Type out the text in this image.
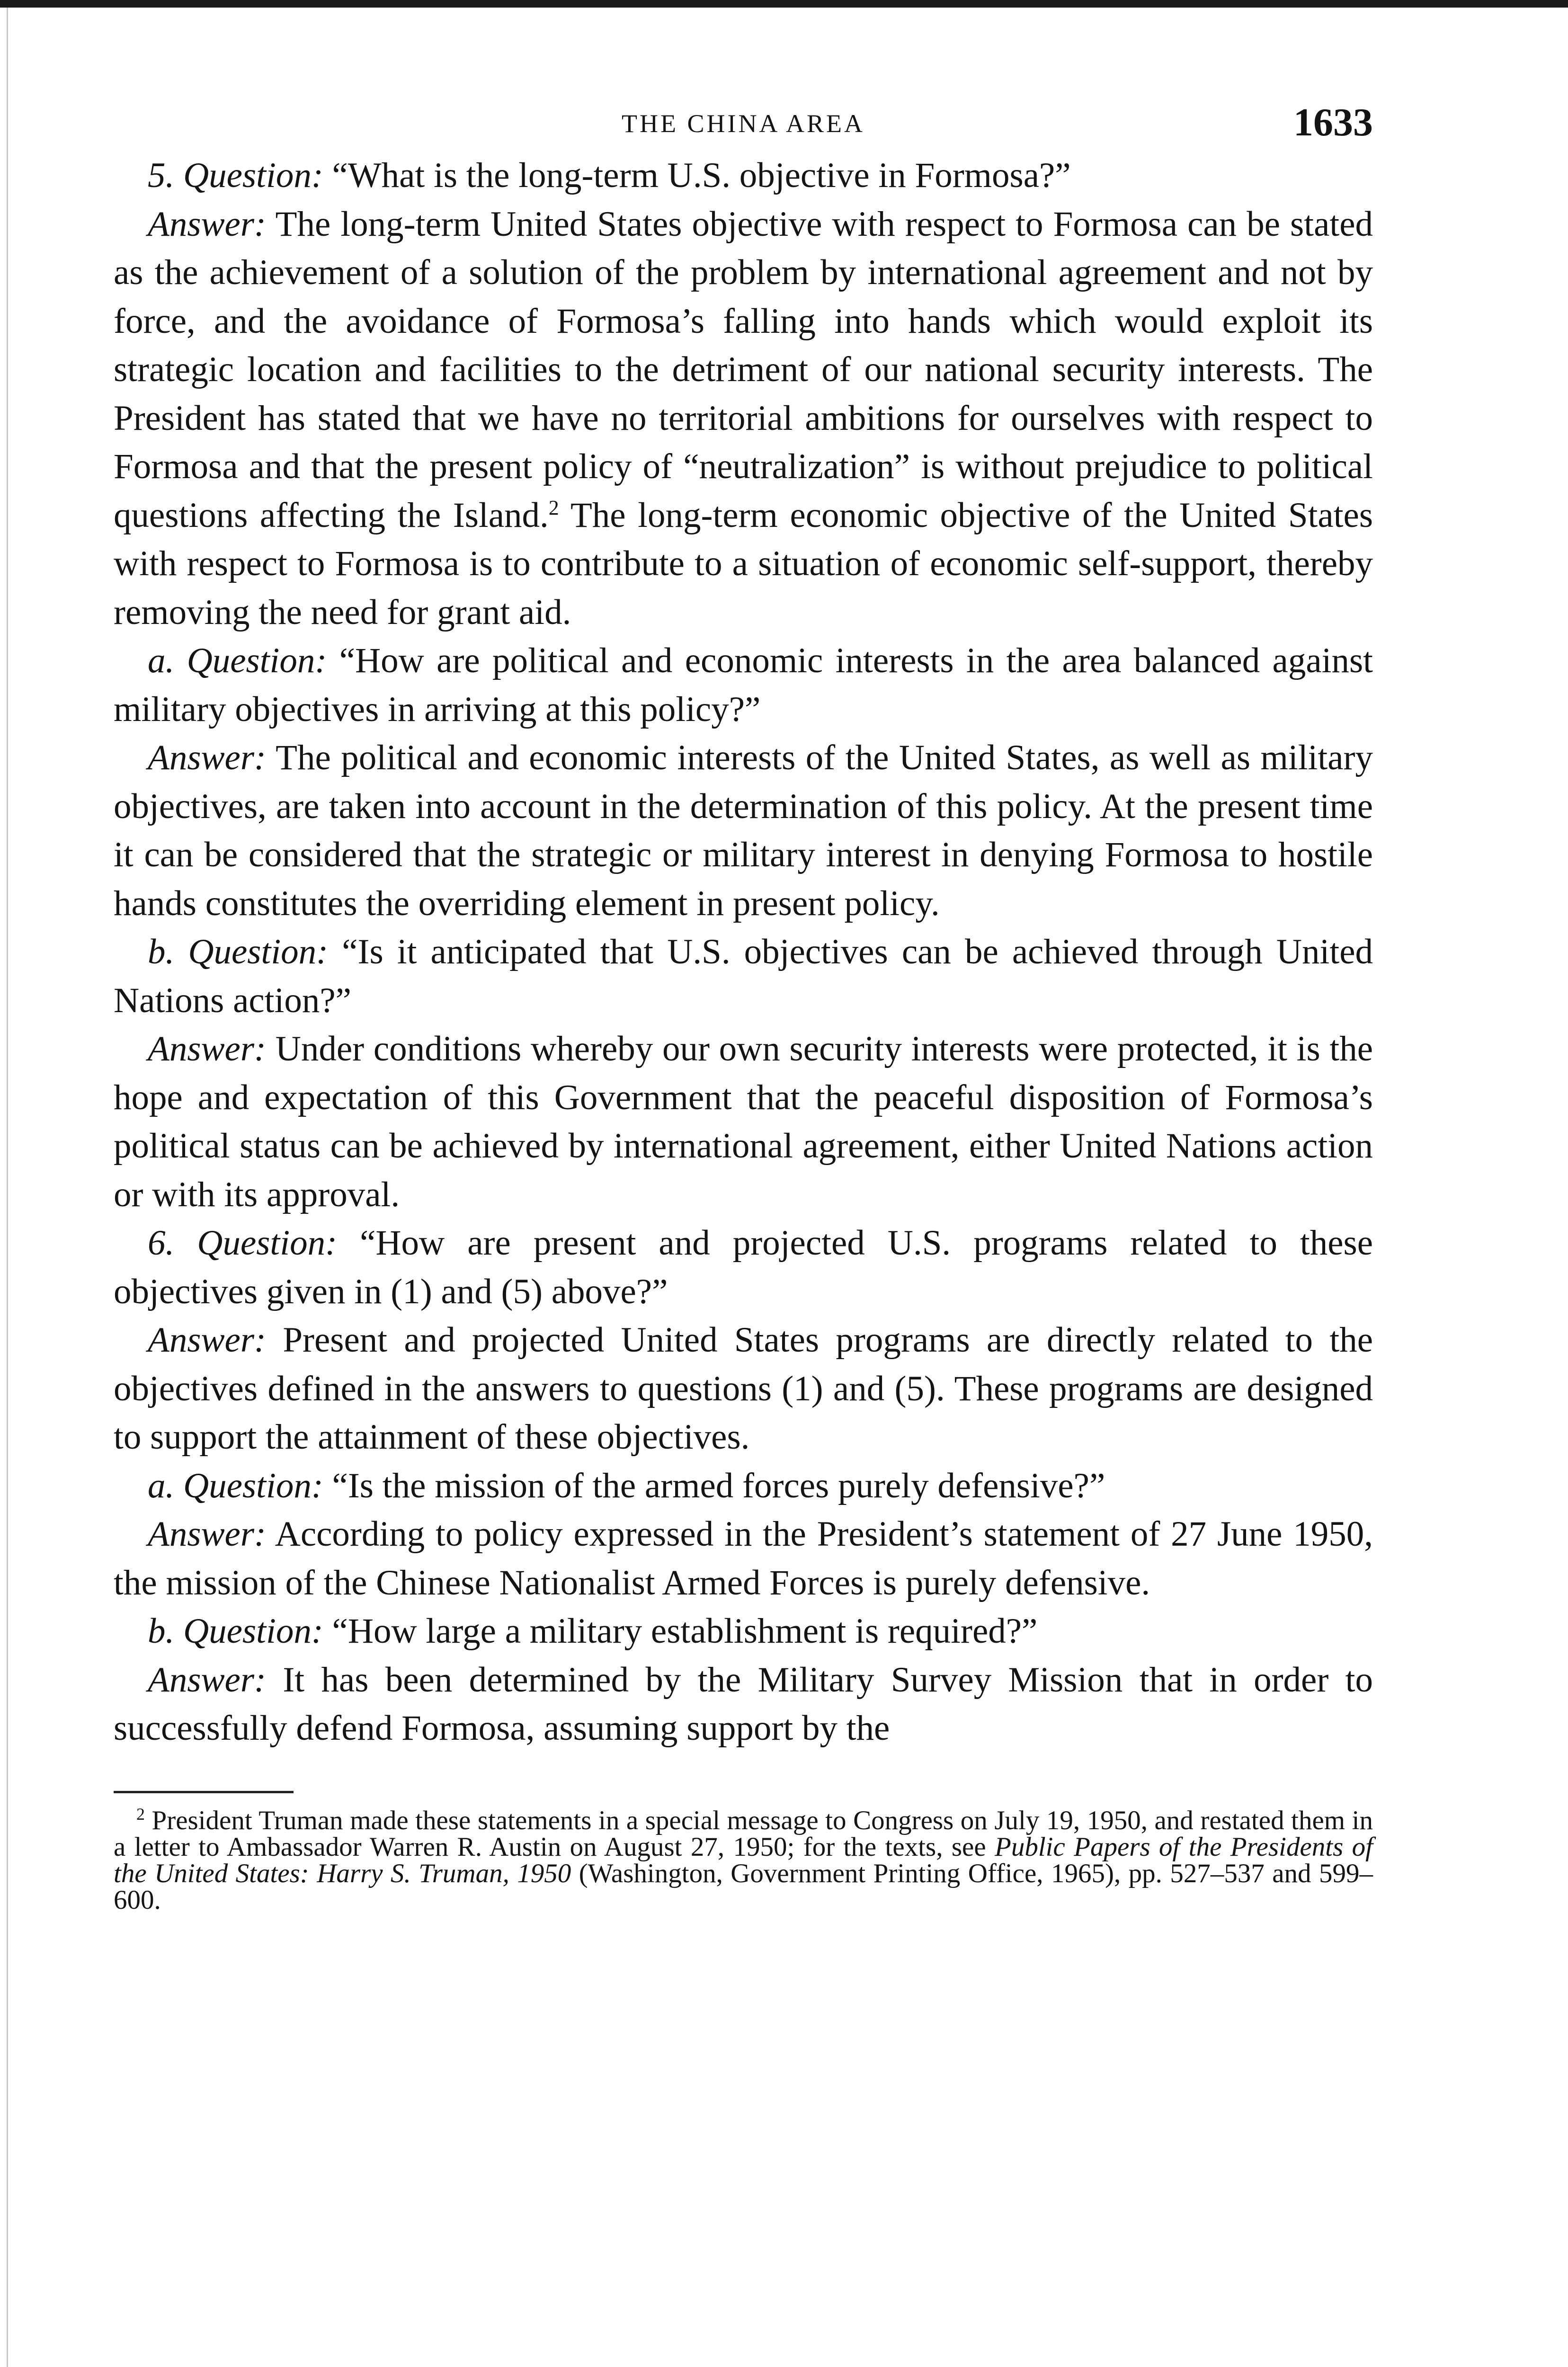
THE CHINA AREA	1633

5. Question: “What is the long-term U.S. objective in Formosa?”

Answer: The long-term United States objective with respect to Formosa can be stated as the achievement of a solution of the problem by international agreement and not by force, and the avoidance of Formosa’s falling into hands which would exploit its strategic location and facilities to the detriment of our national security interests. The President has stated that we have no territorial ambitions for ourselves with respect to Formosa and that the present policy of “neutralization” is without prejudice to political questions affecting the Island.$^2$ The long-term economic objective of the United States with respect to Formosa is to contribute to a situation of economic self-support, thereby removing the need for grant aid.

a. Question: “How are political and economic interests in the area balanced against military objectives in arriving at this policy?”

Answer: The political and economic interests of the United States, as well as military objectives, are taken into account in the determination of this policy. At the present time it can be considered that the strategic or military interest in denying Formosa to hostile hands constitutes the overriding element in present policy.

b. Question: “Is it anticipated that U.S. objectives can be achieved through United Nations action?”

Answer: Under conditions whereby our own security interests were protected, it is the hope and expectation of this Government that the peaceful disposition of Formosa’s political status can be achieved by international agreement, either United Nations action or with its approval.

6. Question: “How are present and projected U.S. programs related to these objectives given in (1) and (5) above?”

Answer: Present and projected United States programs are directly related to the objectives defined in the answers to questions (1) and (5). These programs are designed to support the attainment of these objectives.

a. Question: “Is the mission of the armed forces purely defensive?”

Answer: According to policy expressed in the President’s statement of 27 June 1950, the mission of the Chinese Nationalist Armed Forces is purely defensive.

b. Question: “How large a military establishment is required?”

Answer: It has been determined by the Military Survey Mission that in order to successfully defend Formosa, assuming support by the

$^2$ President Truman made these statements in a special message to Congress on July 19, 1950, and restated them in a letter to Ambassador Warren R. Austin on August 27, 1950; for the texts, see Public Papers of the Presidents of the United States: Harry S. Truman, 1950 (Washington, Government Printing Office, 1965), pp. 527–537 and 599–600.
